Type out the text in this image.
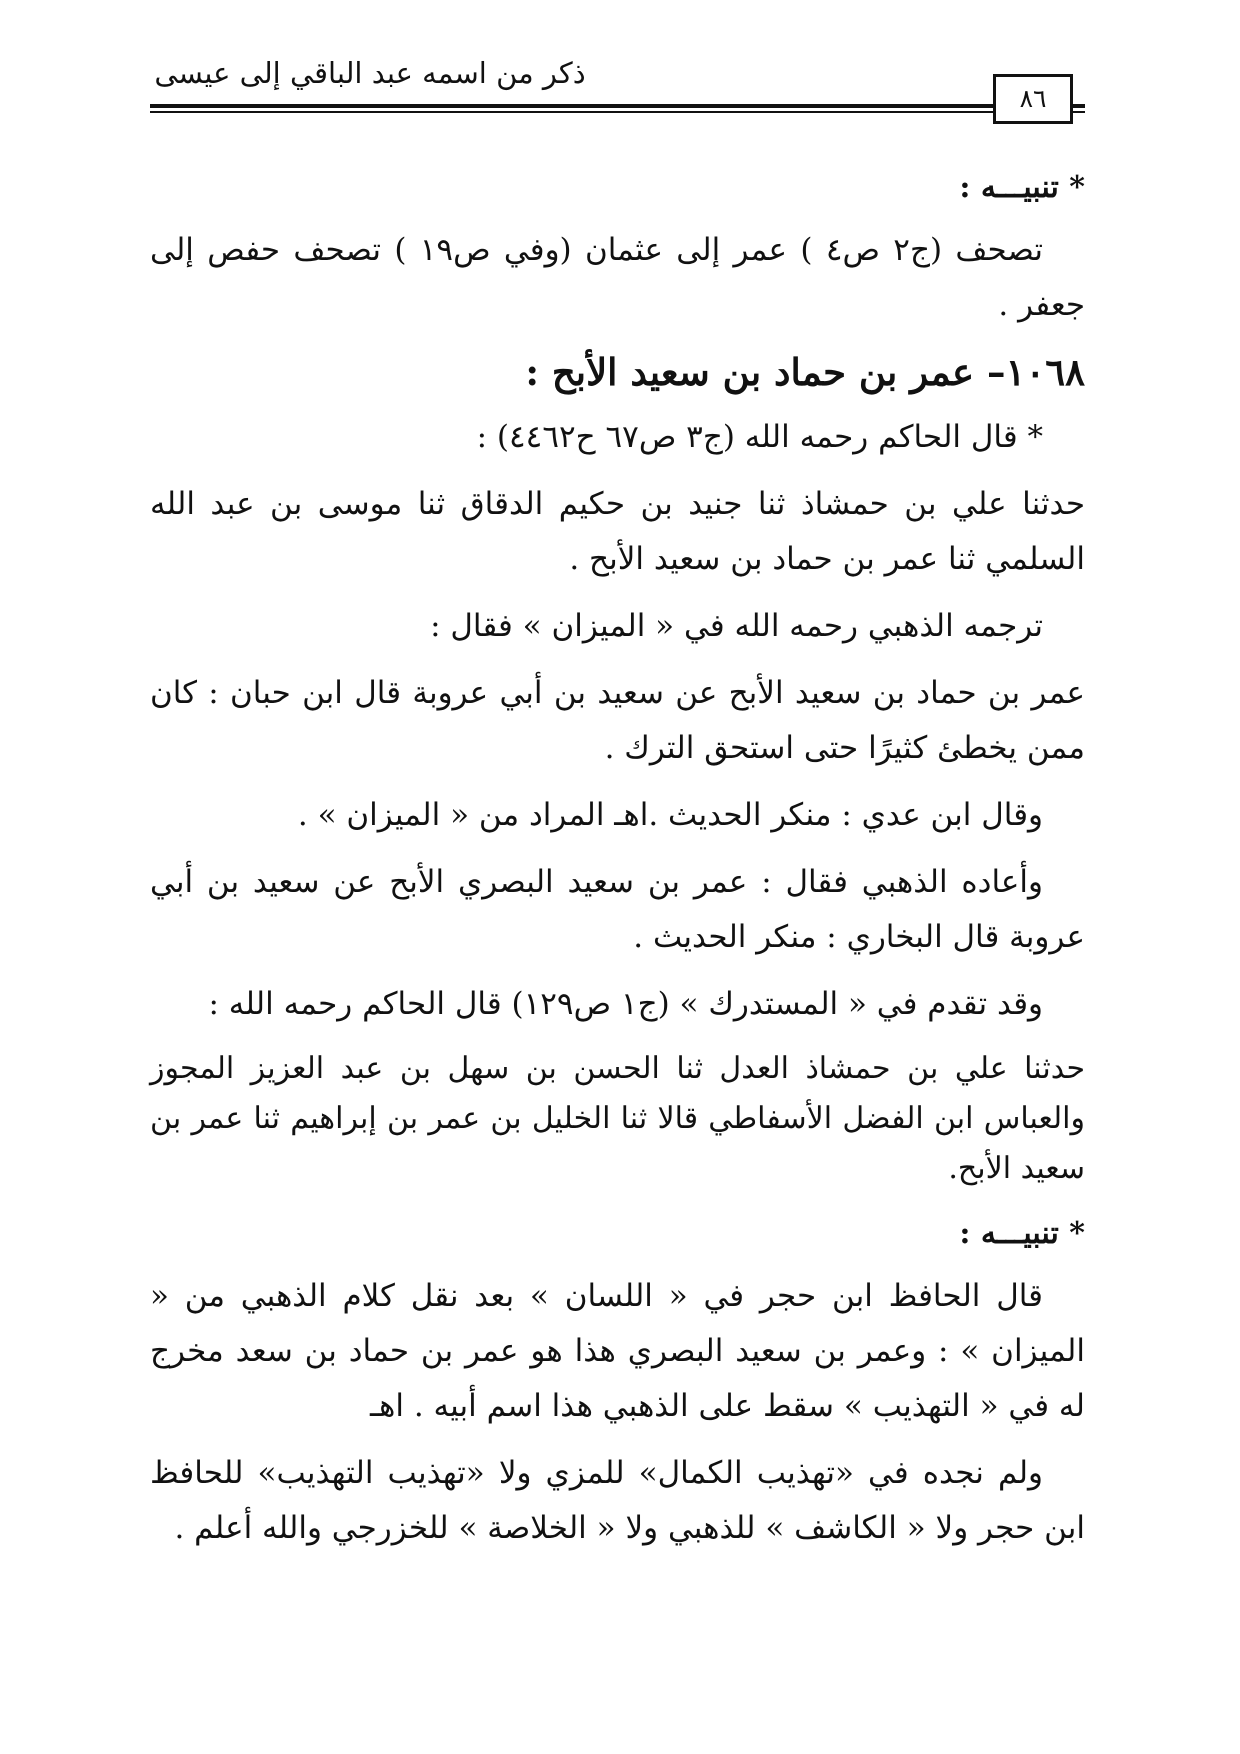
ذكر من اسمه عبد الباقي إلى عيسى
٨٦

* تنبيـــه :

تصحف (ج٢ ص٤ ) عمر إلى عثمان (وفي ص١٩ ) تصحف حفص إلى جعفر .

١٠٦٨– عمر بن حماد بن سعيد الأبح :

* قال الحاكم رحمه الله (ج٣ ص٦٧ ح٤٤٦٢) :

حدثنا علي بن حمشاذ ثنا جنيد بن حكيم الدقاق ثنا موسى بن عبد الله السلمي ثنا عمر بن حماد بن سعيد الأبح .

ترجمه الذهبي رحمه الله في « الميزان » فقال :

عمر بن حماد بن سعيد الأبح عن سعيد بن أبي عروبة قال ابن حبان : كان ممن يخطئ كثيرًا حتى استحق الترك .

وقال ابن عدي : منكر الحديث .اهـ المراد من « الميزان » .

وأعاده الذهبي فقال : عمر بن سعيد البصري الأبح عن سعيد بن أبي عروبة قال البخاري : منكر الحديث .

وقد تقدم في « المستدرك » (ج١ ص١٢٩) قال الحاكم رحمه الله :

حدثنا علي بن حمشاذ العدل ثنا الحسن بن سهل بن عبد العزيز المجوز والعباس ابن الفضل الأسفاطي قالا ثنا الخليل بن عمر بن إبراهيم ثنا عمر بن سعيد الأبح.

* تنبيـــه :

قال الحافظ ابن حجر في « اللسان » بعد نقل كلام الذهبي من « الميزان » : وعمر بن سعيد البصري هذا هو عمر بن حماد بن سعد مخرج له في « التهذيب » سقط على الذهبي هذا اسم أبيه . اهـ

ولم نجده في «تهذيب الكمال» للمزي ولا «تهذيب التهذيب» للحافظ ابن حجر ولا « الكاشف » للذهبي ولا « الخلاصة » للخزرجي والله أعلم .
